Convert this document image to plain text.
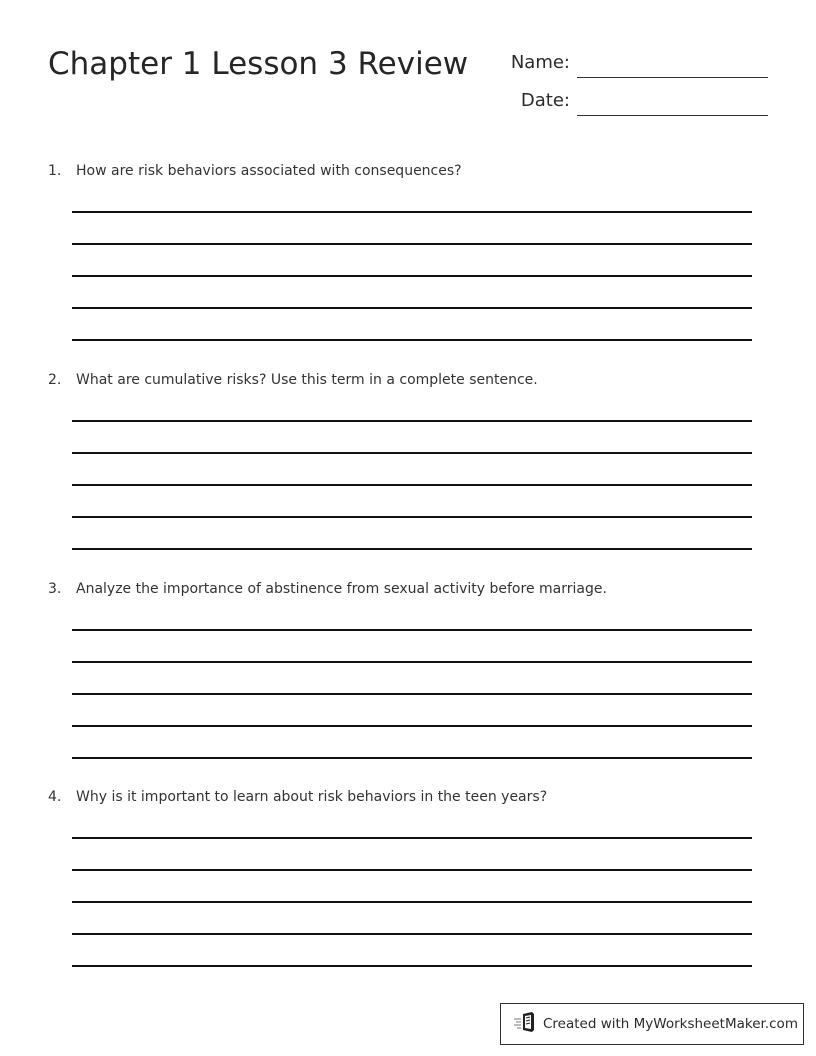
Chapter 1 Lesson 3 Review	Name:
Date:
1. How are risk behaviors associated with consequences?
2. What are cumulative risks? Use this term in a complete sentence.
3. Analyze the importance of abstinence from sexual activity before marriage.
4. Why is it important to learn about risk behaviors in the teen years?
Created with MyWorksheetMaker.com
